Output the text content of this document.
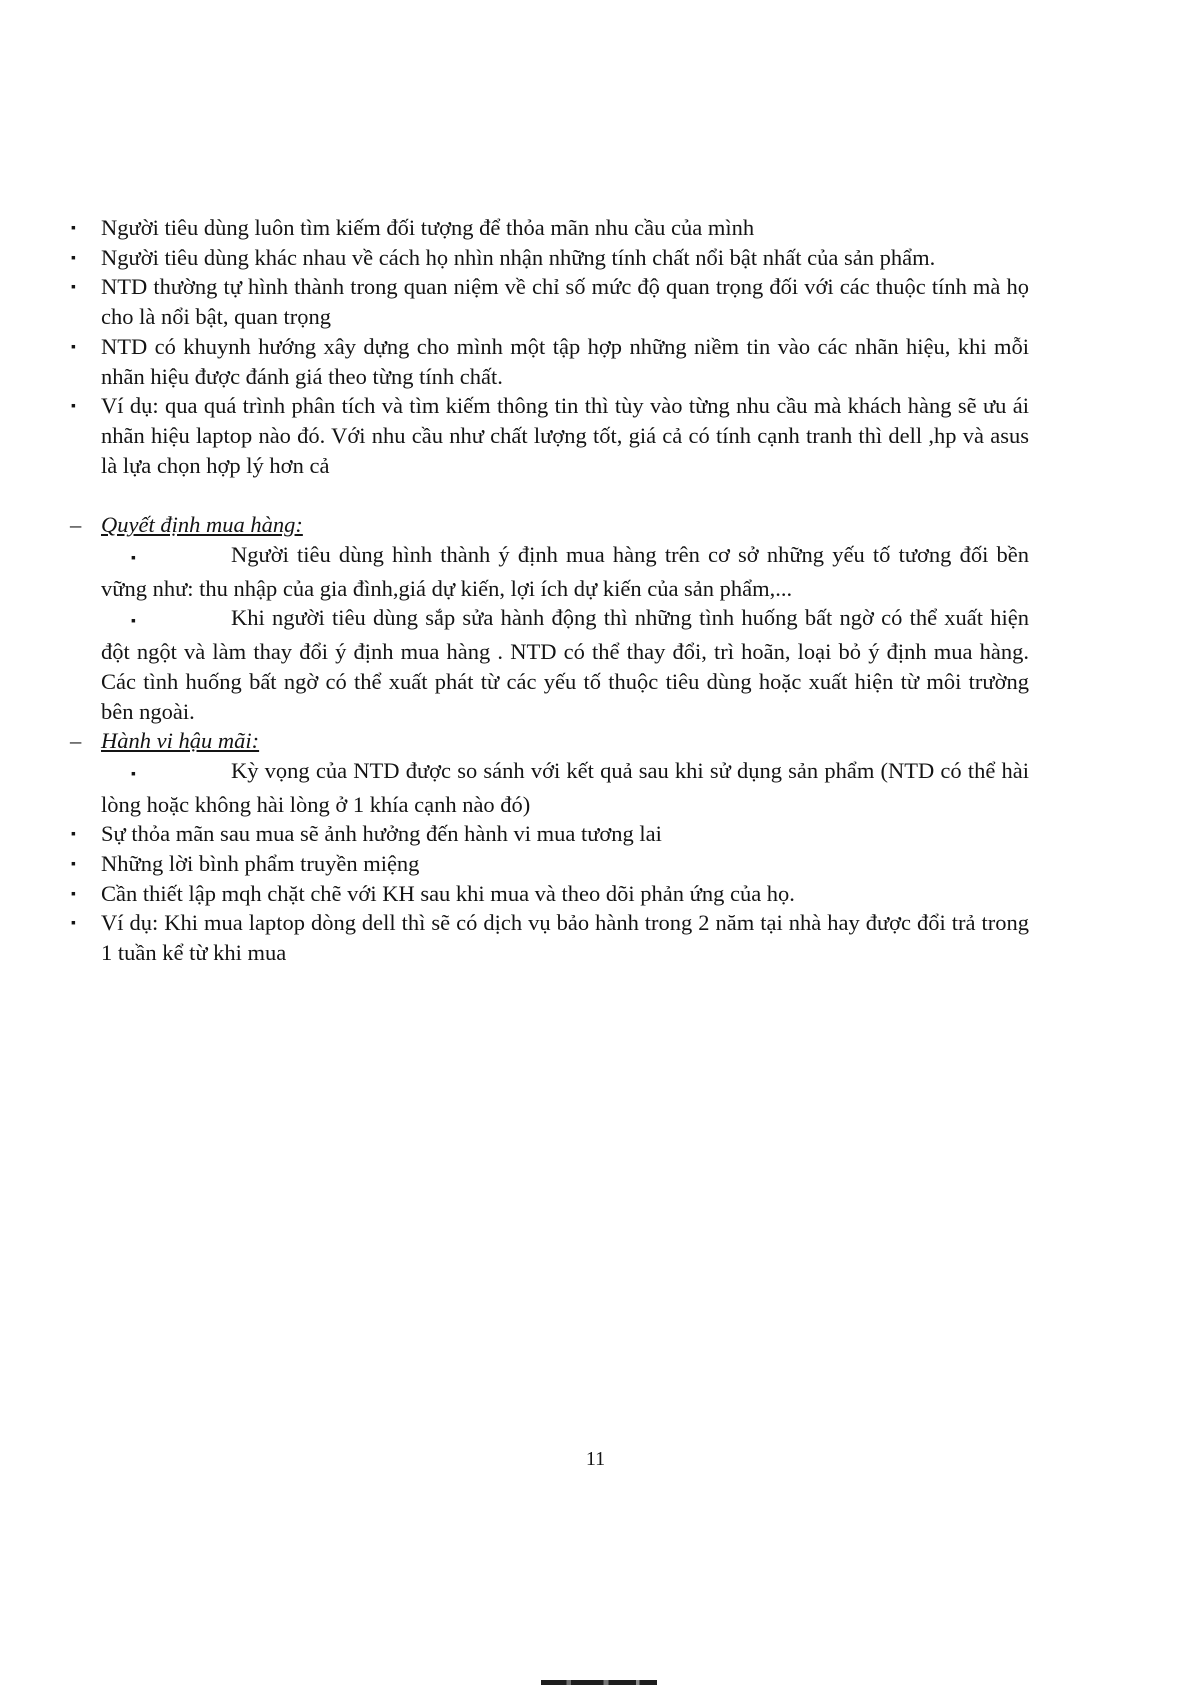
▪ Người tiêu dùng luôn tìm kiếm đối tượng để thỏa mãn nhu cầu của mình
▪ Người tiêu dùng khác nhau về cách họ nhìn nhận những tính chất nổi bật nhất của sản phẩm.
▪ NTD thường tự hình thành trong quan niệm về chỉ số mức độ quan trọng đối với các thuộc tính mà họ cho là nổi bật, quan trọng
▪ NTD có khuynh hướng xây dựng cho mình một tập hợp những niềm tin vào các nhãn hiệu, khi mỗi nhãn hiệu được đánh giá theo từng tính chất.
▪ Ví dụ: qua quá trình phân tích và tìm kiếm thông tin thì tùy vào từng nhu cầu mà khách hàng sẽ ưu ái nhãn hiệu laptop nào đó. Với nhu cầu như chất lượng tốt, giá cả có tính cạnh tranh thì dell ,hp và asus là lựa chọn hợp lý hơn cả
– Quyết định mua hàng:
▪	Người tiêu dùng hình thành ý định mua hàng trên cơ sở những yếu tố tương đối bền vững như: thu nhập của gia đình,giá dự kiến, lợi ích dự kiến của sản phẩm,...
▪	Khi người tiêu dùng sắp sửa hành động thì những tình huống bất ngờ có thể xuất hiện đột ngột và làm thay đổi ý định mua hàng . NTD có thể thay đổi, trì hoãn, loại bỏ ý định mua hàng. Các tình huống bất ngờ có thể xuất phát từ các yếu tố thuộc tiêu dùng hoặc xuất hiện từ môi trường bên ngoài.
– Hành vi hậu mãi:
▪	Kỳ vọng của NTD được so sánh với kết quả sau khi sử dụng sản phẩm (NTD có thể hài lòng hoặc không hài lòng ở 1 khía cạnh nào đó)
▪ Sự thỏa mãn sau mua sẽ ảnh hưởng đến hành vi mua tương lai
▪ Những lời bình phẩm truyền miệng
▪ Cần thiết lập mqh chặt chẽ với KH sau khi mua và theo dõi phản ứng của họ.
▪ Ví dụ: Khi mua laptop dòng dell thì sẽ có dịch vụ bảo hành trong 2 năm tại nhà hay được đổi trả trong 1 tuần kể từ khi mua
11
